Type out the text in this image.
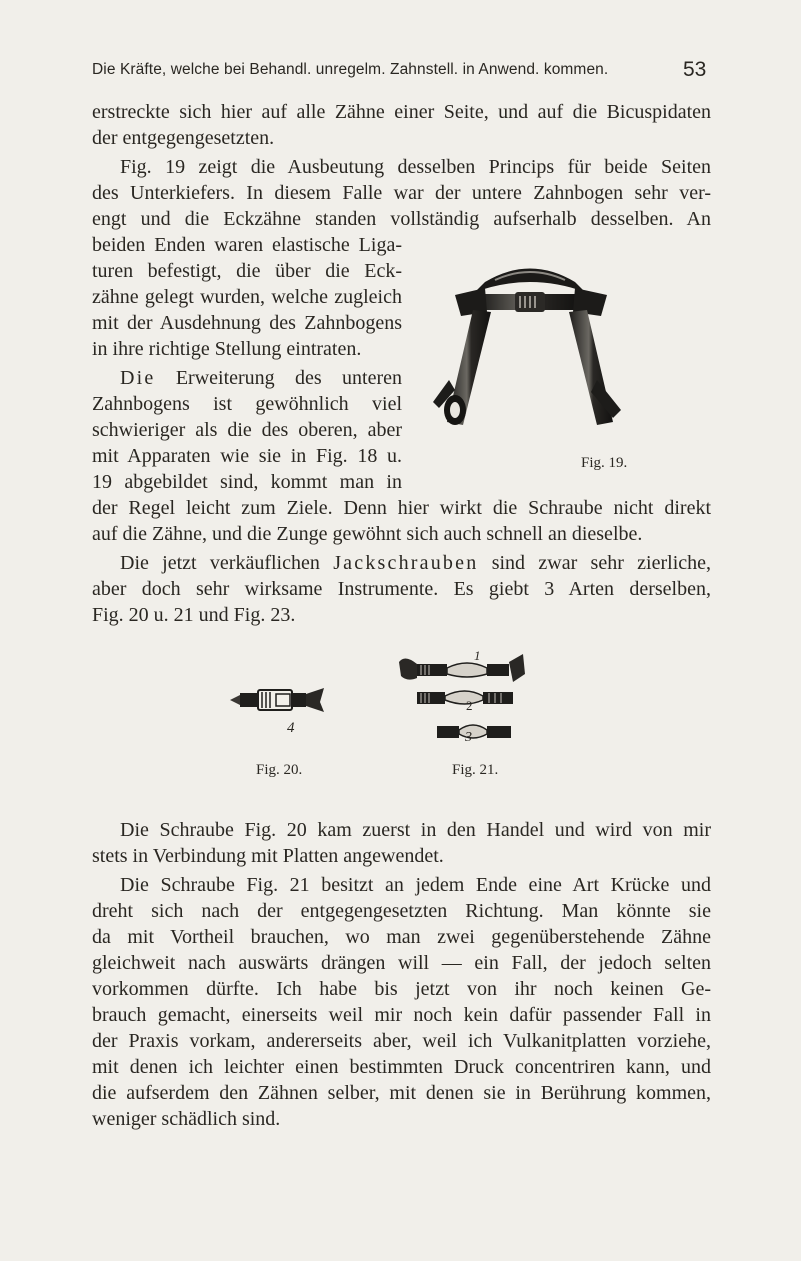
Die Kräfte, welche bei Behandl. unregelm. Zahnstell. in Anwend. kommen.	53
erstreckte sich hier auf alle Zähne einer Seite, und auf die Bicuspidaten
der entgegengesetzten.
Fig. 19 zeigt die Ausbeutung desselben Princips für beide Seiten
des Unterkiefers. In diesem Falle war der untere Zahnbogen sehr ver-
engt und die Eckzähne standen vollständig aufserhalb desselben. An
beiden Enden waren elastische Liga-
turen befestigt, die über die Eck-
zähne gelegt wurden, welche zugleich
mit der Ausdehnung des Zahnbogens
in ihre richtige Stellung eintraten.
Die Erweiterung des unteren
Zahnbogens ist gewöhnlich viel
schwieriger als die des oberen, aber
mit Apparaten wie sie in Fig. 18 u.
19 abgebildet sind, kommt man in
der Regel leicht zum Ziele. Denn hier wirkt die Schraube nicht direkt
auf die Zähne, und die Zunge gewöhnt sich auch schnell an dieselbe.
Die jetzt verkäuflichen Jackschrauben sind zwar sehr zierliche,
aber doch sehr wirksame Instrumente. Es giebt 3 Arten derselben,
Fig. 20 u. 21 und Fig. 23.
Fig. 19.
4
Fig. 20.
1
2
3
Fig. 21.
Die Schraube Fig. 20 kam zuerst in den Handel und wird von mir
stets in Verbindung mit Platten angewendet.
Die Schraube Fig. 21 besitzt an jedem Ende eine Art Krücke und
dreht sich nach der entgegengesetzten Richtung. Man könnte sie
da mit Vortheil brauchen, wo man zwei gegenüberstehende Zähne
gleichweit nach auswärts drängen will — ein Fall, der jedoch selten
vorkommen dürfte. Ich habe bis jetzt von ihr noch keinen Ge-
brauch gemacht, einerseits weil mir noch kein dafür passender Fall in
der Praxis vorkam, andererseits aber, weil ich Vulkanitplatten vorziehe,
mit denen ich leichter einen bestimmten Druck concentriren kann, und
die aufserdem den Zähnen selber, mit denen sie in Berührung kommen,
weniger schädlich sind.
